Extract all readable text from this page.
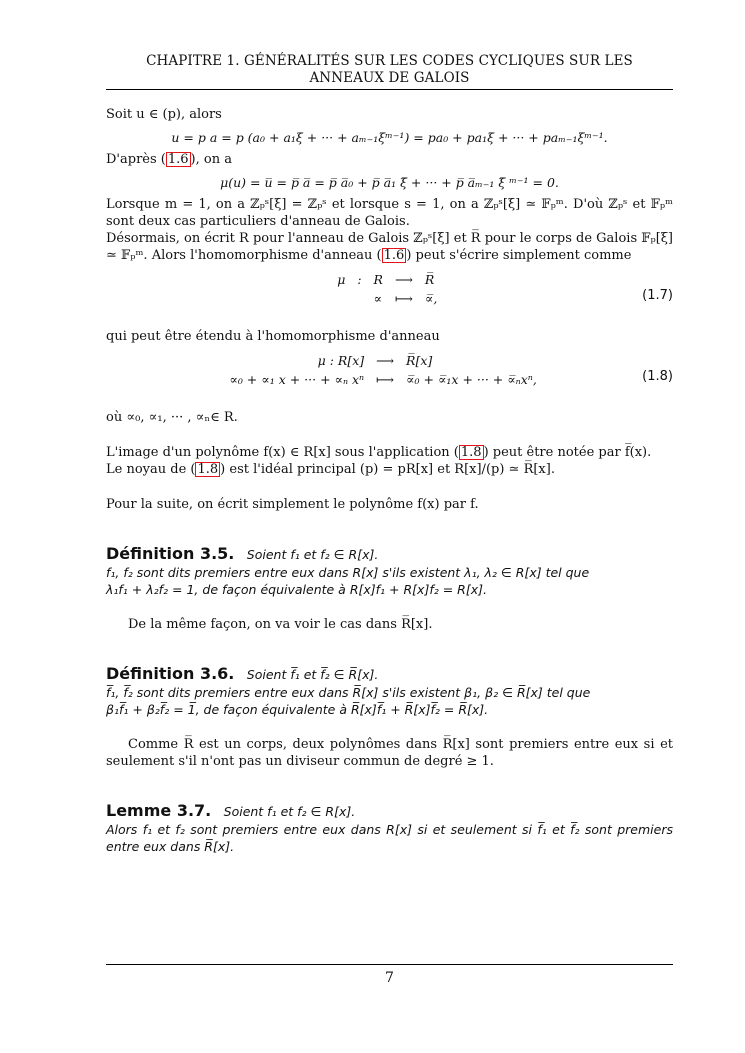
CHAPITRE 1. GÉNÉRALITÉS SUR LES CODES CYCLIQUES SUR LES
ANNEAUX DE GALOIS

Soit u ∈ (p), alors

u = p a = p (a₀ + a₁ξ + ··· + aₘ₋₁ξᵐ⁻¹) = pa₀ + pa₁ξ + ··· + paₘ₋₁ξᵐ⁻¹.

D'après ( 1.6 ), on a

μ(u) = u̅ = p̅ a̅ = p̅ a̅₀ + p̅ a̅₁ ξ̅ + ··· + p̅ a̅ₘ₋₁ ξ̅ ᵐ⁻¹ = 0.

Lorsque m = 1, on a ℤₚˢ[ξ] = ℤₚˢ et lorsque s = 1, on a ℤₚˢ[ξ] ≃ 𝔽ₚᵐ. D'où ℤₚˢ et 𝔽ₚᵐ sont deux cas particuliers d'anneau de Galois.

Désormais, on écrit R pour l'anneau de Galois ℤₚˢ[ξ] et R̅ pour le corps de Galois 𝔽ₚ[ξ̅] ≃ 𝔽ₚᵐ. Alors l'homomorphisme d'anneau ( 1.6 ) peut s'écrire simplement comme

μ	:	R	⟶	R̅
		∝	⟼	∝̅,	(1.7)

qui peut être étendu à l'homomorphisme d'anneau

μ : R[x]	⟶	R̅[x]
∝₀ + ∝₁ x + ··· + ∝ₙ xⁿ	⟼	∝̅₀ + ∝̅₁x + ··· + ∝̅ₙxⁿ,	(1.8)

où ∝₀, ∝₁, ··· , ∝ₙ∈ R.

L'image d'un polynôme f(x) ∈ R[x] sous l'application ( 1.8 ) peut être notée par f̅(x).
Le noyau de ( 1.8 ) est l'idéal principal (p) = pR[x] et R[x]/(p) ≃ R̅[x].

Pour la suite, on écrit simplement le polynôme f(x) par f.

Définition 3.5. Soient f₁ et f₂ ∈ R[x].

f₁, f₂ sont dits premiers entre eux dans R[x] s'ils existent λ₁, λ₂ ∈ R[x] tel que

λ₁f₁ + λ₂f₂ = 1, de façon équivalente à R[x]f₁ + R[x]f₂ = R[x].

De la même façon, on va voir le cas dans R̅[x].

Définition 3.6. Soient f̅₁ et f̅₂ ∈ R̅[x].

f̅₁, f̅₂ sont dits premiers entre eux dans R̅[x] s'ils existent β₁, β₂ ∈ R̅[x] tel que

β₁f̅₁ + β₂f̅₂ = 1̅, de façon équivalente à R̅[x]f̅₁ + R̅[x]f̅₂ = R̅[x].

Comme R̅ est un corps, deux polynômes dans R̅[x] sont premiers entre eux si et seulement s'il n'ont pas un diviseur commun de degré ≥ 1.

Lemme 3.7. Soient f₁ et f₂ ∈ R[x].

Alors f₁ et f₂ sont premiers entre eux dans R[x] si et seulement si f̅₁ et f̅₂ sont premiers entre eux dans R̅[x].

7
